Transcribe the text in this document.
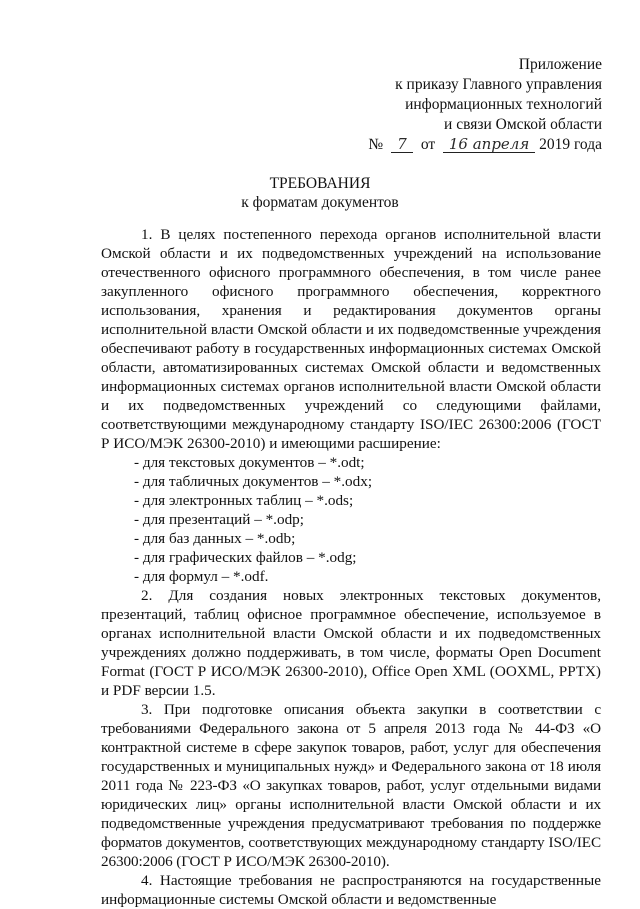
Приложение
к приказу Главного управления
информационных технологий
и связи Омской области
№ 7 от 16 апреля 2019 года
ТРЕБОВАНИЯ
к форматам документов

1. В целях постепенного перехода органов исполнительной власти Омской области и их подведомственных учреждений на использование отечественного офисного программного обеспечения, в том числе ранее закупленного офисного программного обеспечения, корректного использования, хранения и редактирования документов органы исполнительной власти Омской области и их подведомственные учреждения обеспечивают работу в государственных информационных системах Омской области, автоматизированных системах Омской области и ведомственных информационных системах органов исполнительной власти Омской области и их подведомственных учреждений со следующими файлами, соответствующими международному стандарту ISO/IEC 26300:2006 (ГОСТ Р ИСО/МЭК 26300-2010) и имеющими расширение:

- для текстовых документов – *.odt;
- для табличных документов – *.odx;
- для электронных таблиц – *.ods;
- для презентаций – *.odp;
- для баз данных – *.odb;
- для графических файлов – *.odg;
- для формул – *.odf.

2. Для создания новых электронных текстовых документов, презентаций, таблиц офисное программное обеспечение, используемое в органах исполнительной власти Омской области и их подведомственных учреждениях должно поддерживать, в том числе, форматы Open Document Format (ГОСТ Р ИСО/МЭК 26300-2010), Office Open XML (OOXML, PPTX) и PDF версии 1.5.

3. При подготовке описания объекта закупки в соответствии с требованиями Федерального закона от 5 апреля 2013 года № 44-ФЗ «О контрактной системе в сфере закупок товаров, работ, услуг для обеспечения государственных и муниципальных нужд» и Федерального закона от 18 июля 2011 года № 223-ФЗ «О закупках товаров, работ, услуг отдельными видами юридических лиц» органы исполнительной власти Омской области и их подведомственные учреждения предусматривают требования по поддержке форматов документов, соответствующих международному стандарту ISO/IEC 26300:2006 (ГОСТ Р ИСО/МЭК 26300-2010).

4. Настоящие требования не распространяются на государственные информационные системы Омской области и ведомственные
